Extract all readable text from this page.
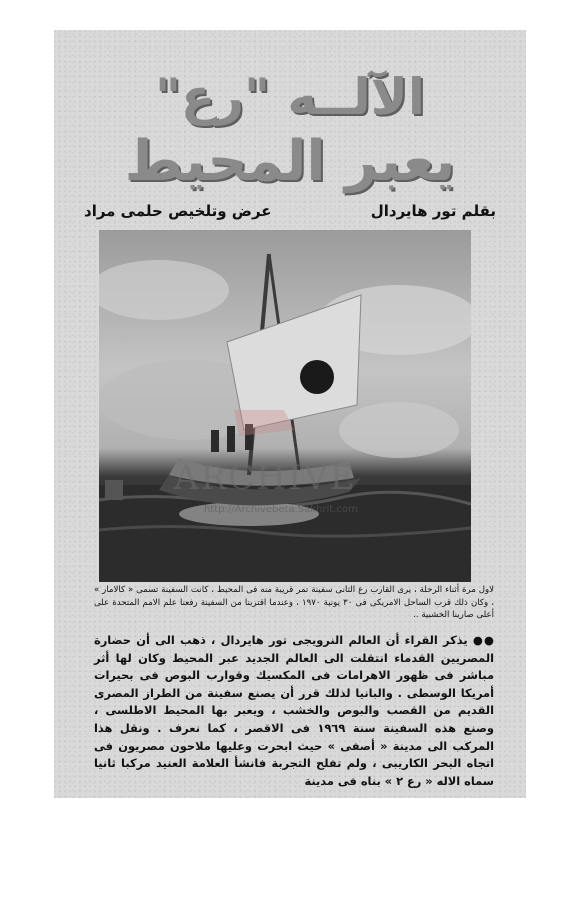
الآلــه "رع"
يعبر المحيط
بقلم تور هايردال
عرض وتلخيص حلمى مراد
ARCHIVE
http://Archivebeta.Sakhrit.com
لاول مرة أثناء الرحلة ، يرى القارب رع الثانى سفينة تمر قريبة منه فى المحيط ، كانت السفينة تسمى « كالامار » ، وكان ذلك قرب الساحل الامريكى فى ٣٠ يونية ١٩٧٠ ، وعندما اقتربنا من السفينة رفعنا علم الامم المتحدة على أعلى صارينا الخشبية ..

●● يذكر القراء أن العالم النرويجى تور هايردال ، ذهب الى أن حضارة المصريين القدماء انتقلت الى العالم الجديد عبر المحيط وكان لها أثر مباشر فى ظهور الاهرامات فى المكسيك وقوارب البوص فى بحيرات أمريكا الوسطى . والبانيا لذلك قرر أن يصنع سفينة من الطراز المصرى القديم من القصب والبوص والخشب ، ويعبر بها المحيط الاطلسى ، وصنع هذه السفينة سنة ١٩٦٩ فى الاقصر ، كما نعرف . ونقل هذا المركب الى مدينة « أصفى » حيث ابحرت وعليها ملاحون مصريون فى اتجاه البحر الكاريبى ، ولم تفلح التجربة فانشأ العلامة العنيد مركبا ثانيا سماه الاله « رع ٢ » بناه فى مدينة
